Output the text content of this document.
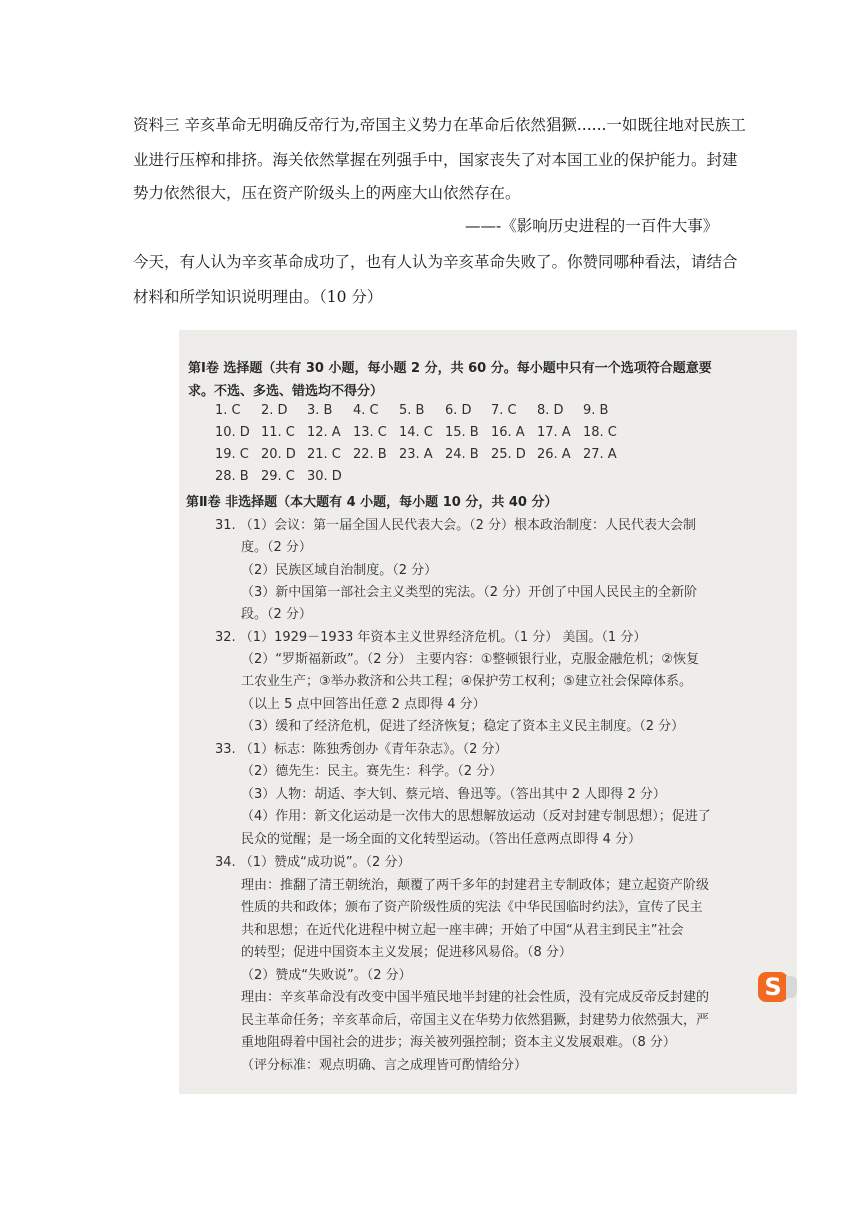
资料三 辛亥革命无明确反帝行为,帝国主义势力在革命后依然猖獗......一如既往地对民族工
业进行压榨和排挤。海关依然掌握在列强手中，国家丧失了对本国工业的保护能力。封建
势力依然很大，压在资产阶级头上的两座大山依然存在。
——-《影响历史进程的一百件大事》
今天，有人认为辛亥革命成功了，也有人认为辛亥革命失败了。你赞同哪种看法，请结合
材料和所学知识说明理由。（10 分）
第Ⅰ卷 选择题（共有 30 小题，每小题 2 分，共 60 分。每小题中只有一个选项符合题意要
求。不选、多选、错选均不得分）
1. C	2. D	3. B	4. C	5. B	6. D	7. C	8. D	9. B
10. D 11. C 12. A 13. C 14. C 15. B 16. A 17. A 18. C
19. C 20. D 21. C 22. B 23. A 24. B 25. D 26. A 27. A
28. B 29. C 30. D
第Ⅱ卷 非选择题（本大题有 4 小题，每小题 10 分，共 40 分）
31. （1）会议：第一届全国人民代表大会。（2 分）根本政治制度：人民代表大会制
度。（2 分）
（2）民族区域自治制度。（2 分）
（3）新中国第一部社会主义类型的宪法。（2 分）开创了中国人民民主的全新阶
段。（2 分）
32. （1）1929－1933 年资本主义世界经济危机。（1 分） 美国。（1 分）
（2）“罗斯福新政”。（2 分） 主要内容：①整顿银行业，克服金融危机；②恢复
工农业生产；③举办救济和公共工程；④保护劳工权利；⑤建立社会保障体系。
（以上 5 点中回答出任意 2 点即得 4 分）
（3）缓和了经济危机，促进了经济恢复；稳定了资本主义民主制度。（2 分）
33. （1）标志：陈独秀创办《青年杂志》。（2 分）
（2）德先生：民主。赛先生：科学。（2 分）
（3）人物：胡适、李大钊、蔡元培、鲁迅等。（答出其中 2 人即得 2 分）
（4）作用：新文化运动是一次伟大的思想解放运动（反对封建专制思想）；促进了
民众的觉醒；是一场全面的文化转型运动。（答出任意两点即得 4 分）
34. （1）赞成“成功说”。（2 分）
理由：推翻了清王朝统治，颠覆了两千多年的封建君主专制政体；建立起资产阶级
性质的共和政体；颁布了资产阶级性质的宪法《中华民国临时约法》，宣传了民主
共和思想；在近代化进程中树立起一座丰碑；开始了中国“从君主到民主”社会
的转型；促进中国资本主义发展；促进移风易俗。（8 分）
（2）赞成“失败说”。（2 分）
理由：辛亥革命没有改变中国半殖民地半封建的社会性质，没有完成反帝反封建的
民主革命任务；辛亥革命后，帝国主义在华势力依然猖獗，封建势力依然强大，严
重地阻碍着中国社会的进步；海关被列强控制；资本主义发展艰难。（8 分）
（评分标准：观点明确、言之成理皆可酌情给分）
S
